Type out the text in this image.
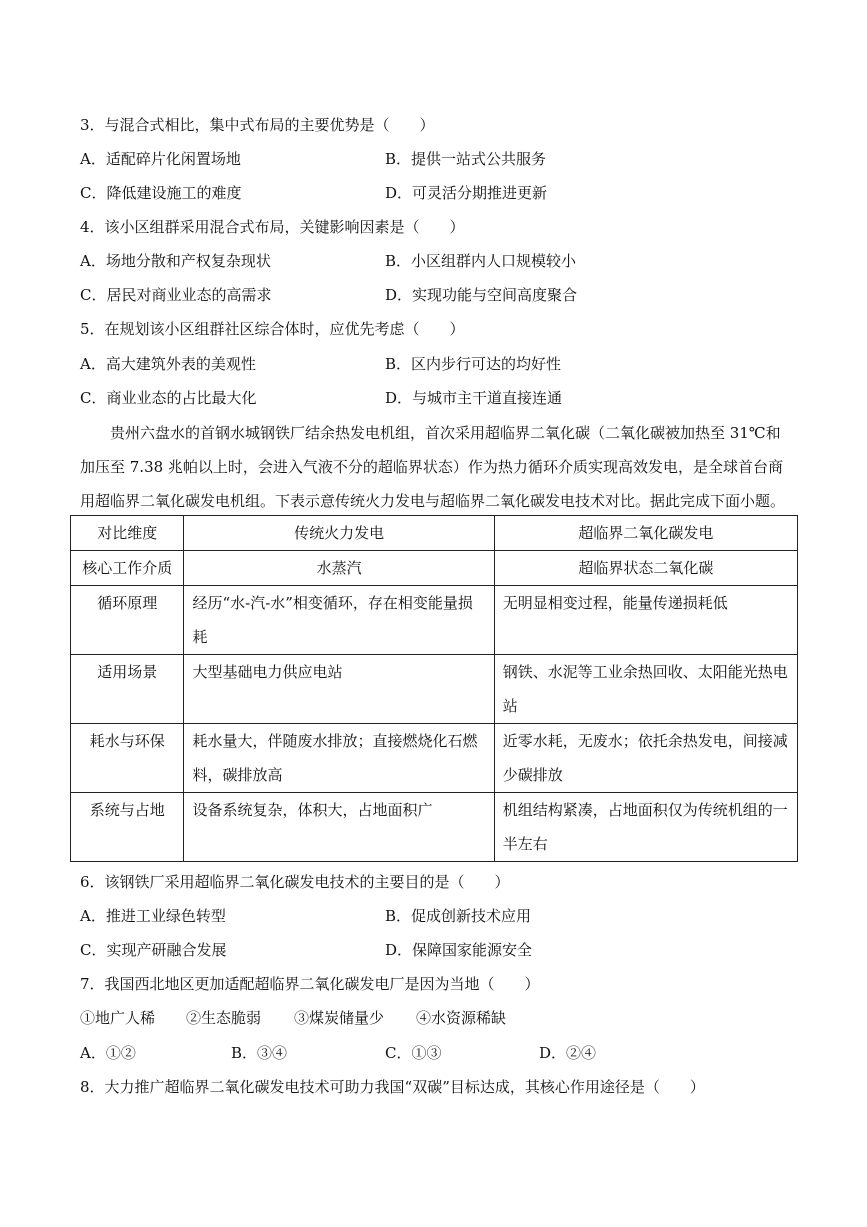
3．与混合式相比，集中式布局的主要优势是（　　）
A．适配碎片化闲置场地	B．提供一站式公共服务
C．降低建设施工的难度	D．可灵活分期推进更新
4．该小区组群采用混合式布局，关键影响因素是（　　）
A．场地分散和产权复杂现状	B．小区组群内人口规模较小
C．居民对商业业态的高需求	D．实现功能与空间高度聚合
5．在规划该小区组群社区综合体时，应优先考虑（　　）
A．高大建筑外表的美观性	B．区内步行可达的均好性
C．商业业态的占比最大化	D．与城市主干道直接连通
贵州六盘水的首钢水城钢铁厂结余热发电机组，首次采用超临界二氧化碳（二氧化碳被加热至 31℃和
加压至 7.38 兆帕以上时，会进入气液不分的超临界状态）作为热力循环介质实现高效发电，是全球首台商
用超临界二氧化碳发电机组。下表示意传统火力发电与超临界二氧化碳发电技术对比。据此完成下面小题。
对比维度	传统火力发电	超临界二氧化碳发电
核心工作介质	水蒸汽	超临界状态二氧化碳
循环原理	经历“水-汽-水”相变循环，存在相变能量损耗	无明显相变过程，能量传递损耗低
适用场景	大型基础电力供应电站	钢铁、水泥等工业余热回收、太阳能光热电站
耗水与环保	耗水量大，伴随废水排放；直接燃烧化石燃料，碳排放高	近零水耗，无废水；依托余热发电，间接减少碳排放
系统与占地	设备系统复杂，体积大，占地面积广	机组结构紧凑，占地面积仅为传统机组的一半左右
6．该钢铁厂采用超临界二氧化碳发电技术的主要目的是（　　）
A．推进工业绿色转型	B．促成创新技术应用
C．实现产研融合发展	D．保障国家能源安全
7．我国西北地区更加适配超临界二氧化碳发电厂是因为当地（　　）
①地广人稀 ②生态脆弱 ③煤炭储量少 ④水资源稀缺
A．①②	B．③④	C．①③	D．②④
8．大力推广超临界二氧化碳发电技术可助力我国“双碳”目标达成，其核心作用途径是（　　）
